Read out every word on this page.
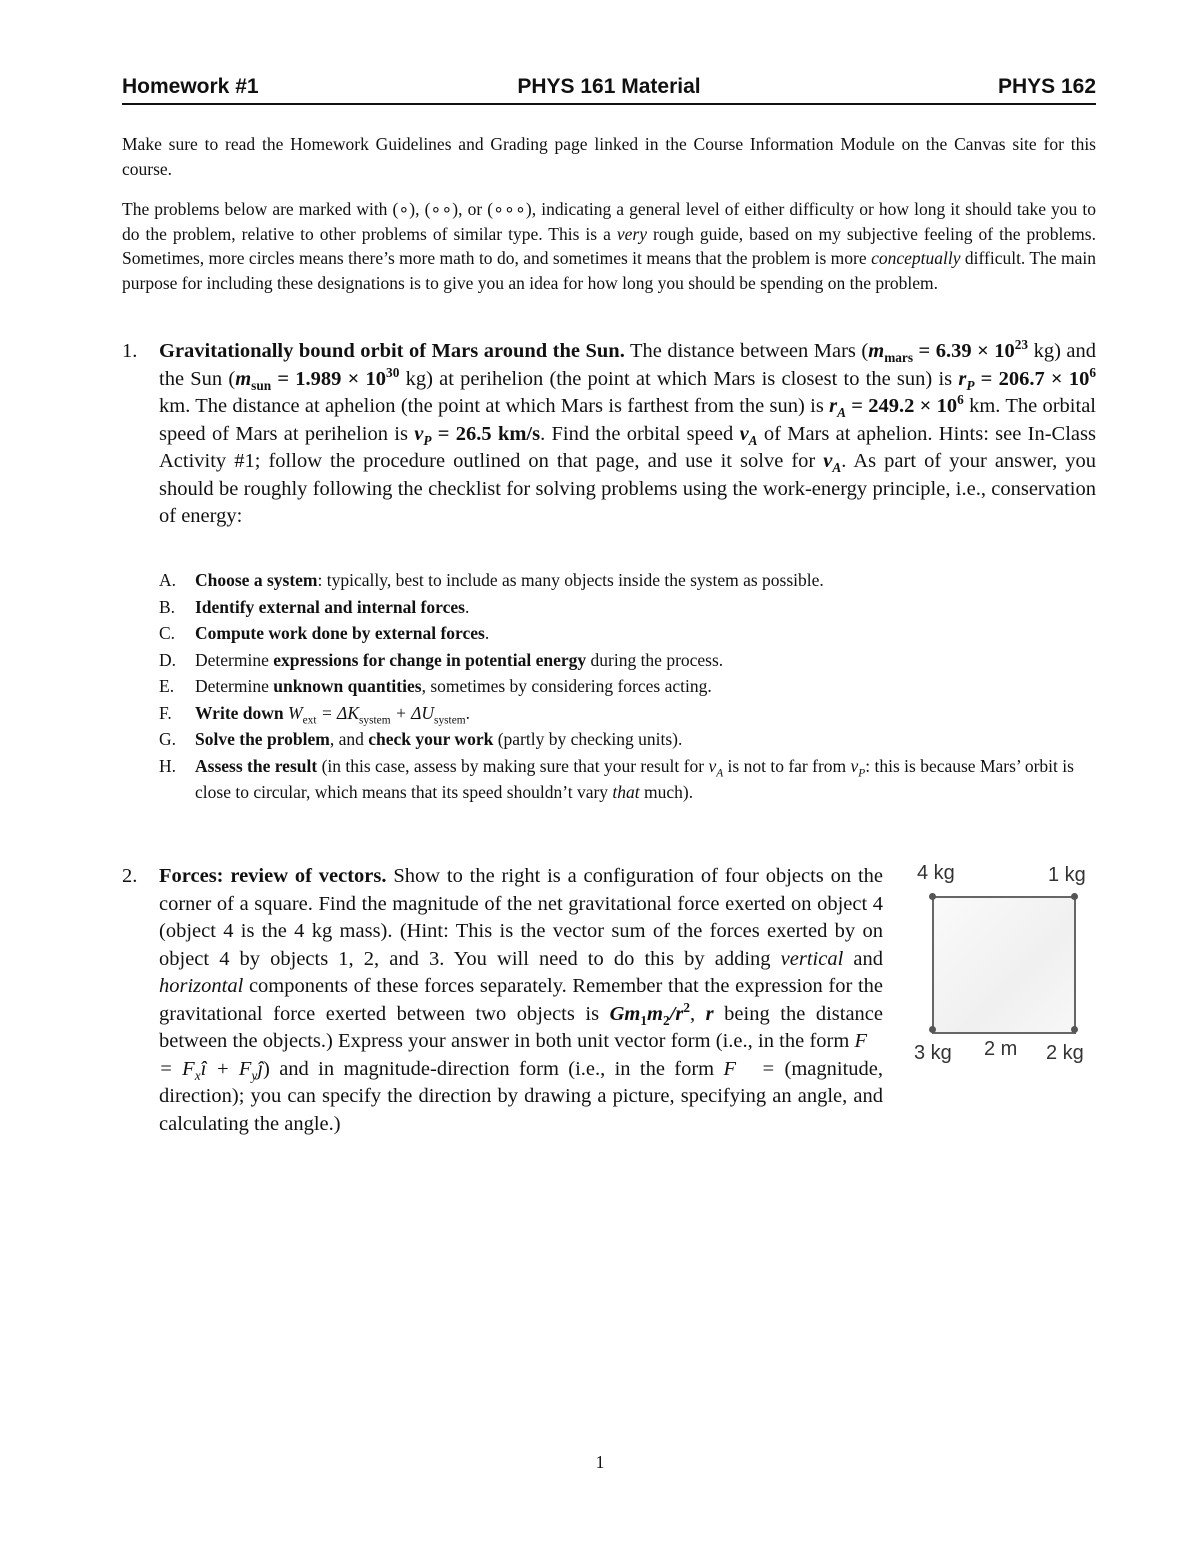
Homework #1	PHYS 161 Material	PHYS 162

Make sure to read the Homework Guidelines and Grading page linked in the Course Information Module on the Canvas site for this course.

The problems below are marked with (∘), (∘∘), or (∘∘∘), indicating a general level of either difficulty or how long it should take you to do the problem, relative to other problems of similar type. This is a very rough guide, based on my subjective feeling of the problems. Sometimes, more circles means there’s more math to do, and sometimes it means that the problem is more conceptually difficult. The main purpose for including these designations is to give you an idea for how long you should be spending on the problem.

1. Gravitationally bound orbit of Mars around the Sun. The distance between Mars ($m_{mars} = 6.39 \times 10^{23}$ kg) and the Sun ($m_{sun} = 1.989 \times 10^{30}$ kg) at perihelion (the point at which Mars is closest to the sun) is $r_P = 206.7 \times 10^6$ km. The distance at aphelion (the point at which Mars is farthest from the sun) is $r_A = 249.2 \times 10^6$ km. The orbital speed of Mars at perihelion is $v_P = 26.5$ km/s. Find the orbital speed $v_A$ of Mars at aphelion. Hints: see In-Class Activity #1; follow the procedure outlined on that page, and use it solve for $v_A$. As part of your answer, you should be roughly following the checklist for solving problems using the work-energy principle, i.e., conservation of energy:
A. Choose a system: typically, best to include as many objects inside the system as possible.
B. Identify external and internal forces.
C. Compute work done by external forces.
D. Determine expressions for change in potential energy during the process.
E. Determine unknown quantities, sometimes by considering forces acting.
F. Write down $W_{ext} = \Delta K_{system} + \Delta U_{system}$.
G. Solve the problem, and check your work (partly by checking units).
H. Assess the result (in this case, assess by making sure that your result for $v_A$ is not to far from $v_P$: this is because Mars’ orbit is close to circular, which means that its speed shouldn’t vary that much).
2. Forces: review of vectors. Show to the right is a configuration of four objects on the corner of a square. Find the magnitude of the net gravitational force exerted on object 4 (object 4 is the 4 kg mass). (Hint: This is the vector sum of the forces exerted by on object 4 by objects 1, 2, and 3. You will need to do this by adding vertical and horizontal components of these forces separately. Remember that the expression for the gravitational force exerted between two objects is $Gm_1m_2/r^2$, r being the distance between the objects.) Express your answer in both unit vector form (i.e., in the form F⃗ = $F_xî$ + $F_yĵ$) and in magnitude-direction form (i.e., in the form F⃗ = (magnitude, direction); you can specify the direction by drawing a picture, specifying an angle, and calculating the angle.)
4 kg	1 kg
3 kg 2 m 2 kg
1
